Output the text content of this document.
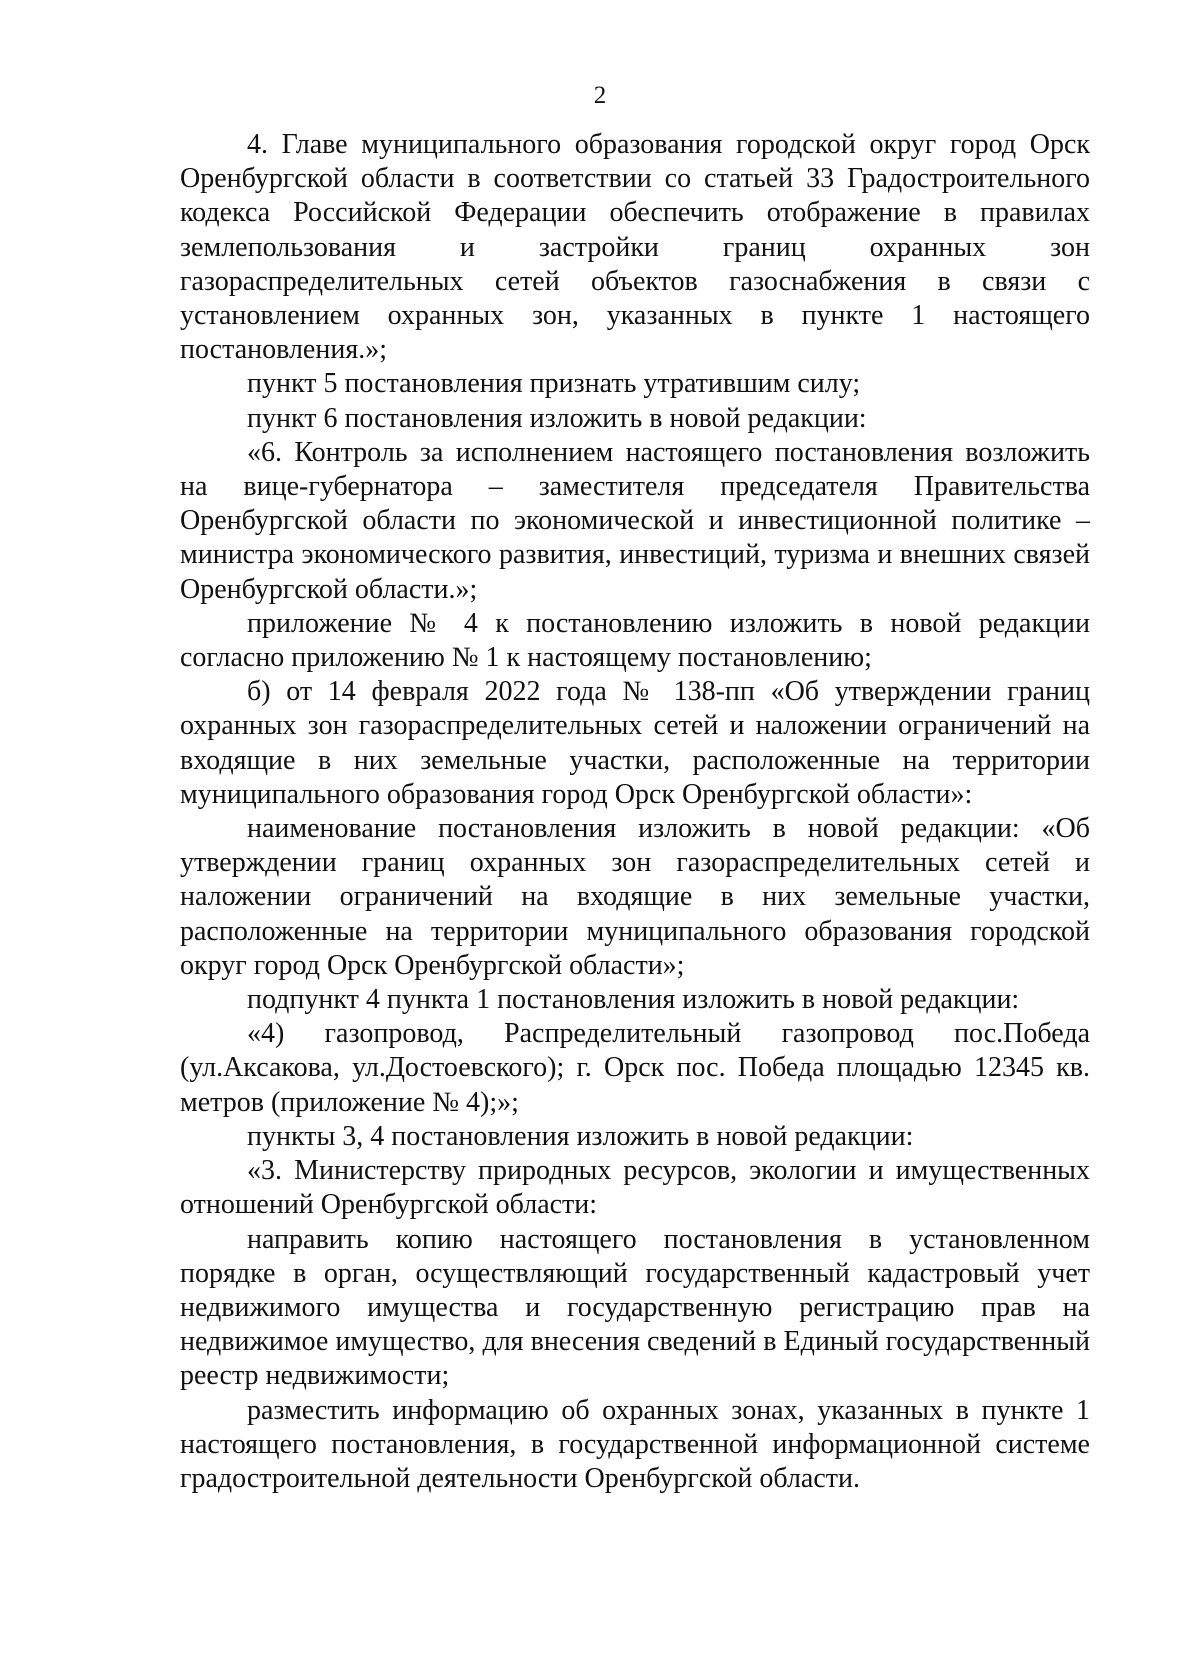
2

4. Главе муниципального образования городской округ город Орск Оренбургской области в соответствии со статьей 33 Градостроительного кодекса Российской Федерации обеспечить отображение в правилах землепользования и застройки границ охранных зон газораспределительных сетей объектов газоснабжения в связи с установлением охранных зон, указанных в пункте 1 настоящего постановления.»;

пункт 5 постановления признать утратившим силу;

пункт 6 постановления изложить в новой редакции:

«6. Контроль за исполнением настоящего постановления возложить на вице-губернатора – заместителя председателя Правительства Оренбургской области по экономической и инвестиционной политике – министра экономического развития, инвестиций, туризма и внешних связей Оренбургской области.»;

приложение № 4 к постановлению изложить в новой редакции согласно приложению № 1 к настоящему постановлению;

б) от 14 февраля 2022 года № 138-пп «Об утверждении границ охранных зон газораспределительных сетей и наложении ограничений на входящие в них земельные участки, расположенные на территории муниципального образования город Орск Оренбургской области»:

наименование постановления изложить в новой редакции: «Об утверждении границ охранных зон газораспределительных сетей и наложении ограничений на входящие в них земельные участки, расположенные на территории муниципального образования городской округ город Орск Оренбургской области»;

подпункт 4 пункта 1 постановления изложить в новой редакции:

«4) газопровод, Распределительный газопровод пос.Победа (ул.Аксакова, ул.Достоевского); г. Орск пос. Победа площадью 12345 кв. метров (приложение № 4);»;

пункты 3, 4 постановления изложить в новой редакции:

«3. Министерству природных ресурсов, экологии и имущественных отношений Оренбургской области:

направить копию настоящего постановления в установленном порядке в орган, осуществляющий государственный кадастровый учет недвижимого имущества и государственную регистрацию прав на недвижимое имущество, для внесения сведений в Единый государственный реестр недвижимости;

разместить информацию об охранных зонах, указанных в пункте 1 настоящего постановления, в государственной информационной системе градостроительной деятельности Оренбургской области.
